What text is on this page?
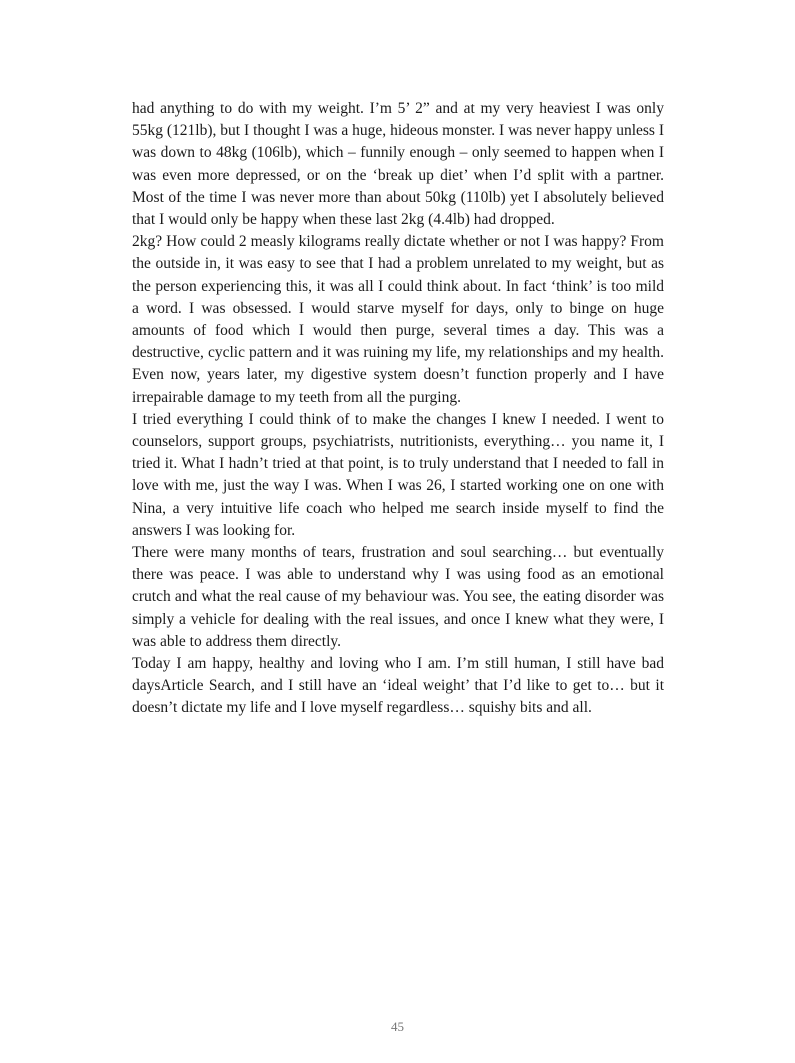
had anything to do with my weight. I’m 5’ 2” and at my very heaviest I was only 55kg (121lb), but I thought I was a huge, hideous monster. I was never happy unless I was down to 48kg (106lb), which – funnily enough – only seemed to happen when I was even more depressed, or on the ‘break up diet’ when I’d split with a partner. Most of the time I was never more than about 50kg (110lb) yet I absolutely believed that I would only be happy when these last 2kg (4.4lb) had dropped.

2kg? How could 2 measly kilograms really dictate whether or not I was happy? From the outside in, it was easy to see that I had a problem unrelated to my weight, but as the person experiencing this, it was all I could think about. In fact ‘think’ is too mild a word. I was obsessed. I would starve myself for days, only to binge on huge amounts of food which I would then purge, several times a day. This was a destructive, cyclic pattern and it was ruining my life, my relationships and my health. Even now, years later, my digestive system doesn’t function properly and I have irrepairable damage to my teeth from all the purging.

I tried everything I could think of to make the changes I knew I needed. I went to counselors, support groups, psychiatrists, nutritionists, everything… you name it, I tried it. What I hadn’t tried at that point, is to truly understand that I needed to fall in love with me, just the way I was. When I was 26, I started working one on one with Nina, a very intuitive life coach who helped me search inside myself to find the answers I was looking for.

There were many months of tears, frustration and soul searching… but eventually there was peace. I was able to understand why I was using food as an emotional crutch and what the real cause of my behaviour was. You see, the eating disorder was simply a vehicle for dealing with the real issues, and once I knew what they were, I was able to address them directly.

Today I am happy, healthy and loving who I am. I’m still human, I still have bad daysArticle Search, and I still have an ‘ideal weight’ that I’d like to get to… but it doesn’t dictate my life and I love myself regardless… squishy bits and all.

45
